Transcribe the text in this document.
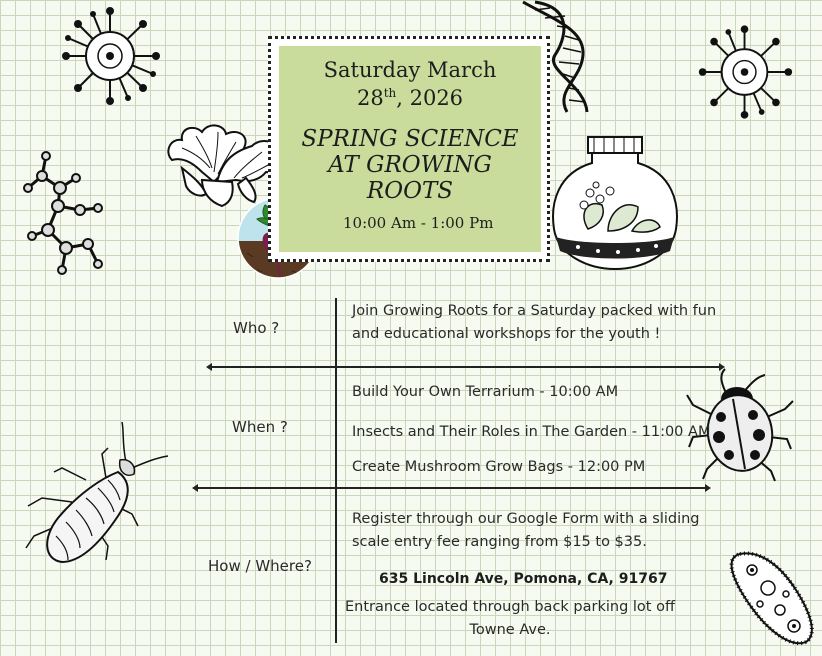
Saturday March
28th, 2026
SPRING SCIENCE
AT GROWING
ROOTS
10:00 Am - 1:00 Pm
Who ?
Join Growing Roots for a Saturday packed with fun
and educational workshops for the youth !
When ?
Build Your Own Terrarium - 10:00 AM
Insects and Their Roles in The Garden - 11:00 AM
Create Mushroom Grow Bags - 12:00 PM
How / Where?
Register through our Google Form with a sliding
scale entry fee ranging from $15 to $35.
635 Lincoln Ave, Pomona, CA, 91767
Entrance located through back parking lot off
Towne Ave.
